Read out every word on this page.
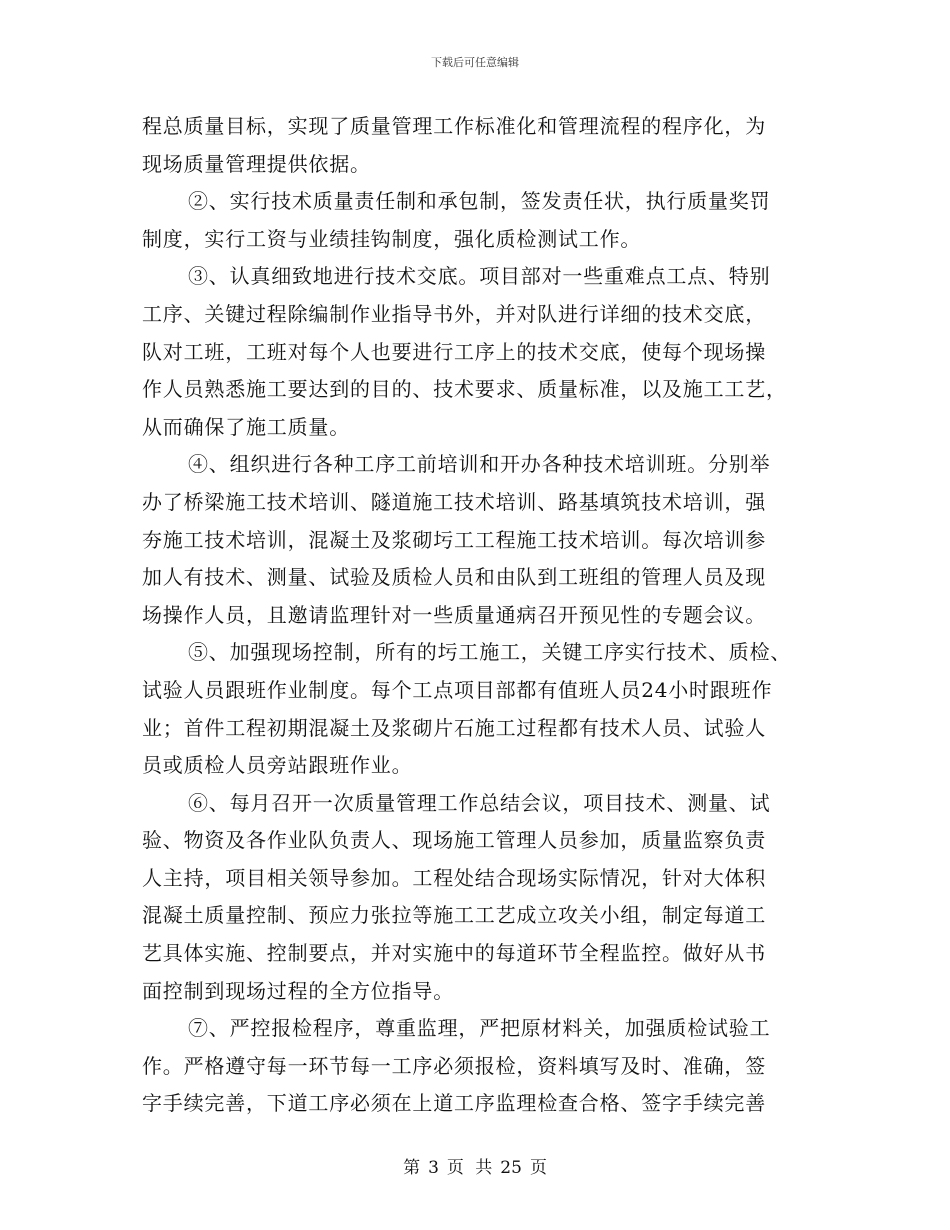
下载后可任意编辑
程总质量目标，实现了质量管理工作标准化和管理流程的程序化，为
现场质量管理提供依据。
②、实行技术质量责任制和承包制，签发责任状，执行质量奖罚
制度，实行工资与业绩挂钩制度，强化质检测试工作。
③、认真细致地进行技术交底。项目部对一些重难点工点、特别
工序、关键过程除编制作业指导书外，并对队进行详细的技术交底，
队对工班，工班对每个人也要进行工序上的技术交底，使每个现场操
作人员熟悉施工要达到的目的、技术要求、质量标准，以及施工工艺，
从而确保了施工质量。
④、组织进行各种工序工前培训和开办各种技术培训班。分别举
办了桥梁施工技术培训、隧道施工技术培训、路基填筑技术培训，强
夯施工技术培训，混凝土及浆砌圬工工程施工技术培训。每次培训参
加人有技术、测量、试验及质检人员和由队到工班组的管理人员及现
场操作人员，且邀请监理针对一些质量通病召开预见性的专题会议。
⑤、加强现场控制，所有的圬工施工，关键工序实行技术、质检、
试验人员跟班作业制度。每个工点项目部都有值班人员24小时跟班作
业；首件工程初期混凝土及浆砌片石施工过程都有技术人员、试验人
员或质检人员旁站跟班作业。
⑥、每月召开一次质量管理工作总结会议，项目技术、测量、试
验、物资及各作业队负责人、现场施工管理人员参加，质量监察负责
人主持，项目相关领导参加。工程处结合现场实际情况，针对大体积
混凝土质量控制、预应力张拉等施工工艺成立攻关小组，制定每道工
艺具体实施、控制要点，并对实施中的每道环节全程监控。做好从书
面控制到现场过程的全方位指导。
⑦、严控报检程序，尊重监理，严把原材料关，加强质检试验工
作。严格遵守每一环节每一工序必须报检，资料填写及时、准确，签
字手续完善，下道工序必须在上道工序监理检查合格、签字手续完善
第 3 页 共 25 页
